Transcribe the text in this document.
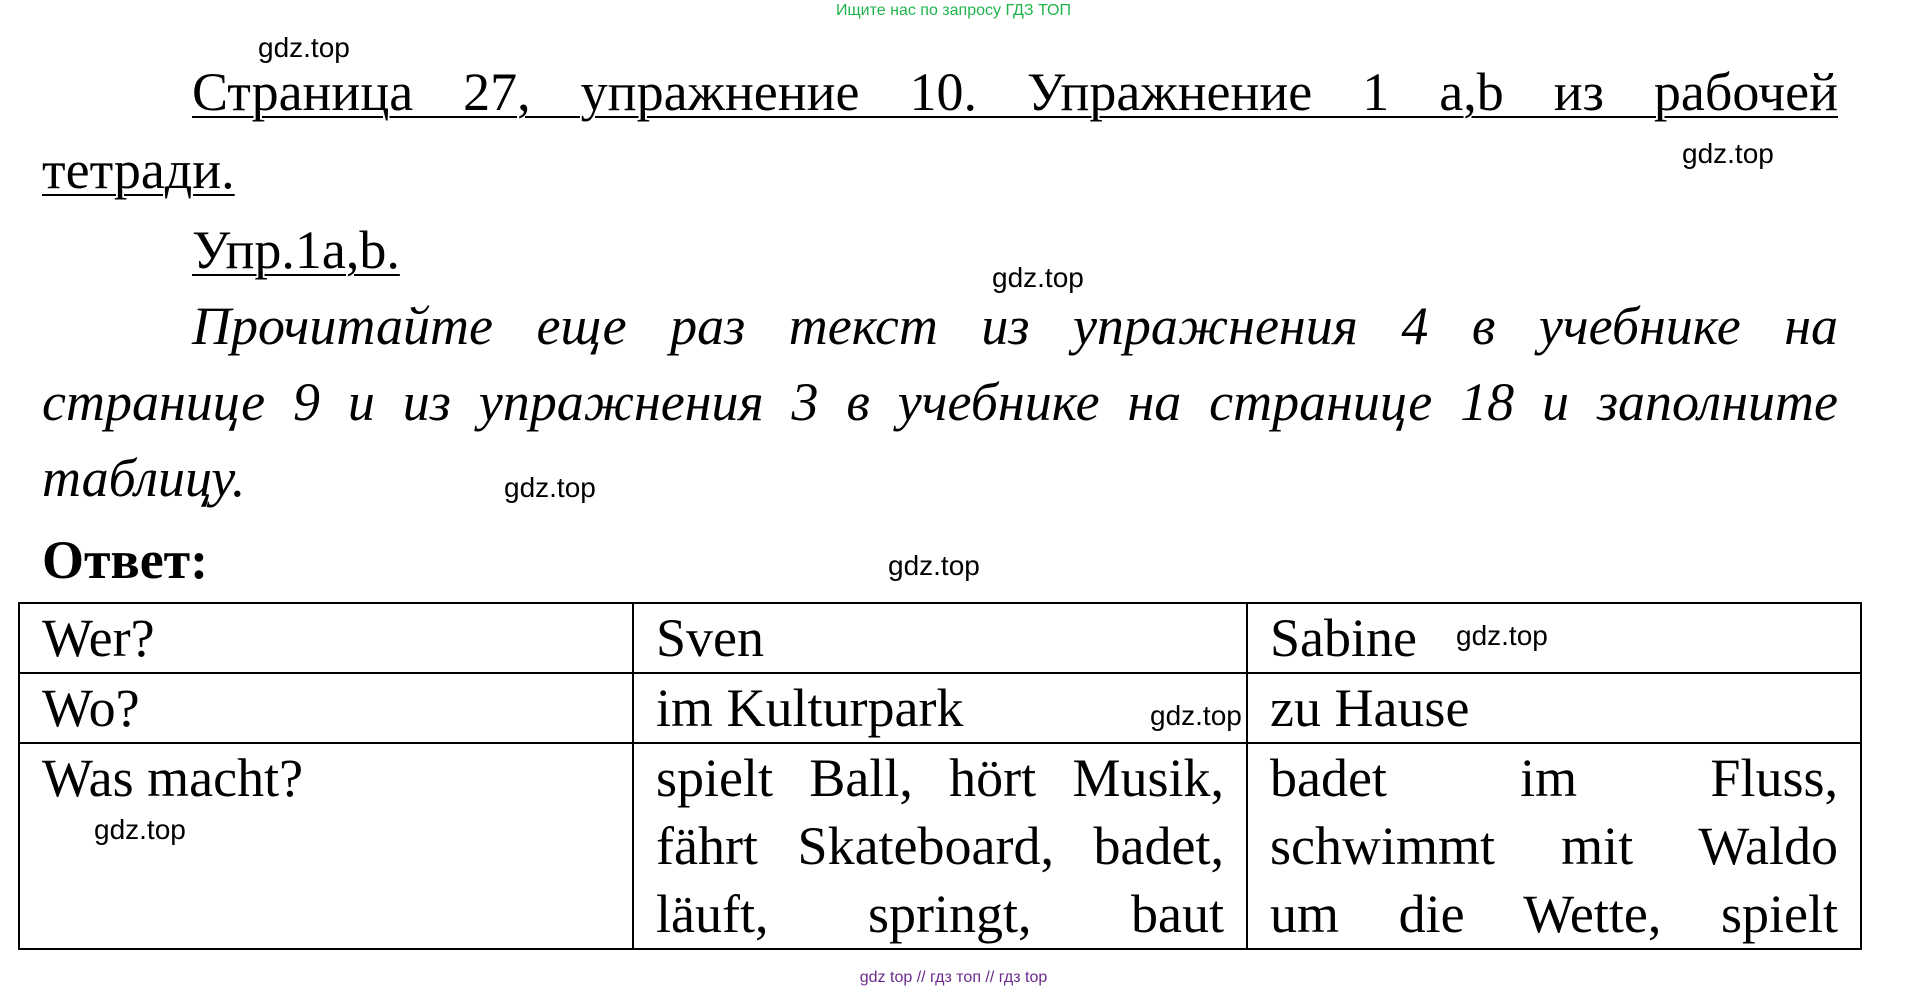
Ищите нас по запросу ГДЗ ТОП
Страница 27, упражнение 10. Упражнение 1 a,b из рабочей
тетради.
Упр.1a,b.
Прочитайте еще раз текст из упражнения 4 в учебнике на
странице 9 и из упражнения 3 в учебнике на странице 18 и заполните
таблицу.
Ответ:
Wer?	Sven	Sabine
Wo?	im Kulturpark	zu Hause
Was macht?	spielt Ball, hört Musik,
fährt Skateboard, badet,
läuft, springt, baut	badet im Fluss,
schwimmt mit Waldo
um die Wette, spielt
gdz.top
gdz.top
gdz.top
gdz.top
gdz.top
gdz.top
gdz.top
gdz.top
gdz top // гдз топ // гдз top
